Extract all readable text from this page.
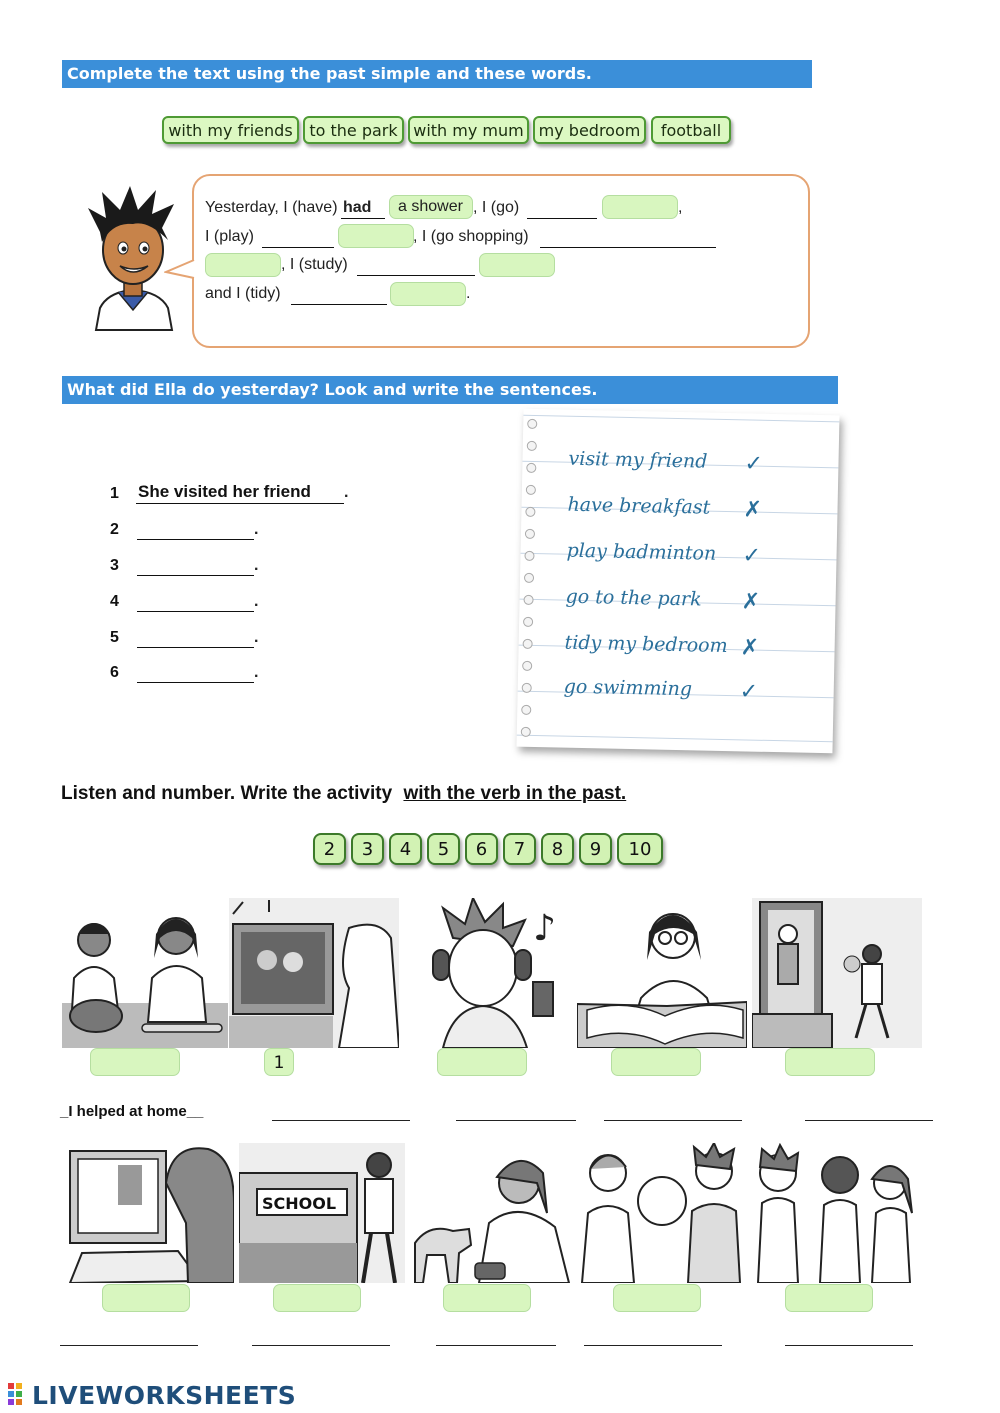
Complete the text using the past simple and these words.
with my friends	to the park with my mum my bedroom	football
Yesterday, I (have) had a shower , I (go)	,
I (play)	, I (go shopping)
, I (study)
and I (tidy)	.
What did Ella do yesterday? Look and write the sentences.
1 She visited her friend .
2	.
3	.
4	.
5	.
6	.
visit my friend ✓
have breakfast ✗
play badminton ✓
go to the park ✗
tidy my bedroom ✗
go swimming ✓
Listen and number. Write the activity with the verb in the past.
2	3	4	5	6	7	8	9	10
♪
1
_I helped at home__
SCHOOL
LIVEWORKSHEETS
